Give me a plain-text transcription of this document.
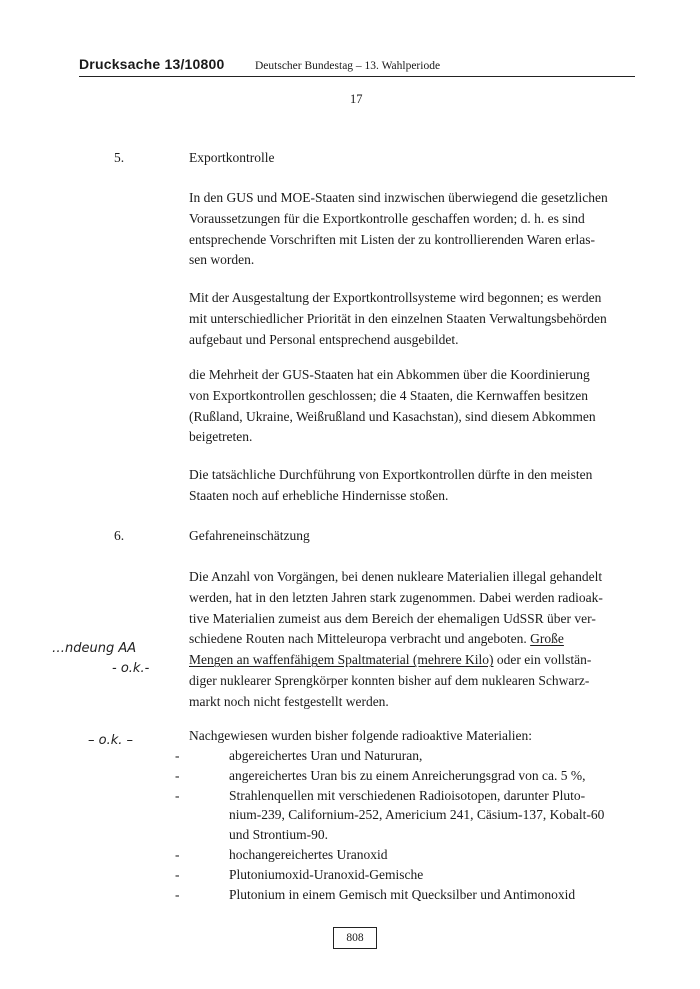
Drucksache 13/10800	Deutscher Bundestag – 13. Wahlperiode
17
5.	Exportkontrolle
In den GUS und MOE-Staaten sind inzwischen überwiegend die gesetzlichen
Voraussetzungen für die Exportkontrolle geschaffen worden; d. h. es sind
entsprechende Vorschriften mit Listen der zu kontrollierenden Waren erlas-
sen worden.
Mit der Ausgestaltung der Exportkontrollsysteme wird begonnen; es werden
mit unterschiedlicher Priorität in den einzelnen Staaten Verwaltungsbehörden
aufgebaut und Personal entsprechend ausgebildet.
die Mehrheit der GUS-Staaten hat ein Abkommen über die Koordinierung
von Exportkontrollen geschlossen; die 4 Staaten, die Kernwaffen besitzen
(Rußland, Ukraine, Weißrußland und Kasachstan), sind diesem Abkommen
beigetreten.
Die tatsächliche Durchführung von Exportkontrollen dürfte in den meisten
Staaten noch auf erhebliche Hindernisse stoßen.
6.	Gefahreneinschätzung
Die Anzahl von Vorgängen, bei denen nukleare Materialien illegal gehandelt
werden, hat in den letzten Jahren stark zugenommen. Dabei werden radioak-
tive Materialien zumeist aus dem Bereich der ehemaligen UdSSR über ver-
schiedene Routen nach Mitteleuropa verbracht und angeboten. Große
Mengen an waffenfähigem Spaltmaterial (mehrere Kilo) oder ein vollstän-
diger nuklearer Sprengkörper konnten bisher auf dem nuklearen Schwarz-
markt noch nicht festgestellt werden.
Nachgewiesen wurden bisher folgende radioaktive Materialien:
-	abgereichertes Uran und Natururan,
-	angereichertes Uran bis zu einem Anreicherungsgrad von ca. 5 %,
-	Strahlenquellen mit verschiedenen Radioisotopen, darunter Pluto-
nium-239, Californium-252, Americium 241, Cäsium-137, Kobalt-60
und Strontium-90.
-	hochangereichertes Uranoxid
-	Plutoniumoxid-Uranoxid-Gemische
-	Plutonium in einem Gemisch mit Quecksilber und Antimonoxid
…ndeung AA
- o.k.-
– o.k. –
808
